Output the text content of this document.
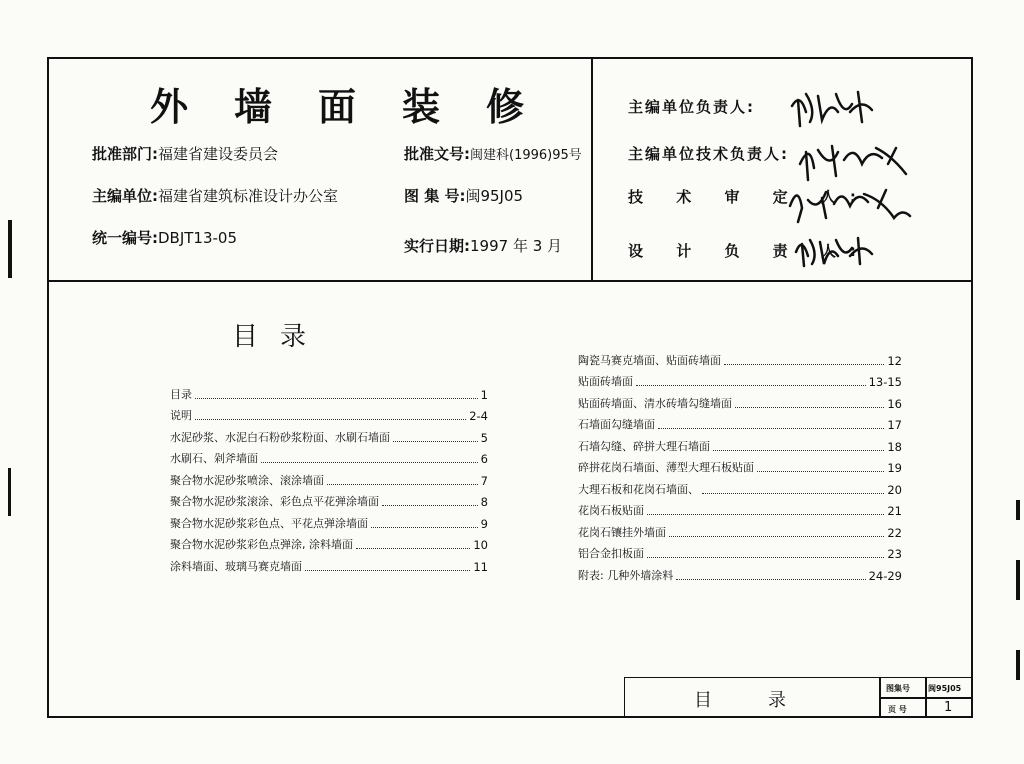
外墙面装修
批准部门:福建省建设委员会	批准文号:闽建科(1996)95号
主编单位:福建省建筑标准设计办公室	图 集 号:闽95J05
统一编号:DBJT13-05	实行日期:1997 年 3 月
主编单位负责人:
主编单位技术负责人:
技 术 审 定 人:
设 计 负 责 人:
目录
目录	1
说明	2-4
水泥砂浆、水泥白石粉砂浆粉面、水刷石墙面	5
水刷石、剁斧墙面	6
聚合物水泥砂浆喷涂、滚涂墙面	7
聚合物水泥砂浆滚涂、彩色点平花弹涂墙面	8
聚合物水泥砂浆彩色点、平花点弹涂墙面	9
聚合物水泥砂浆彩色点弹涂, 涂料墙面	10
涂料墙面、玻璃马赛克墙面	11
陶瓷马赛克墙面、贴面砖墙面	12
贴面砖墙面	13-15
贴面砖墙面、清水砖墙勾缝墙面	16
石墙面勾缝墙面	17
石墙勾缝、碎拼大理石墙面	18
碎拼花岗石墙面、薄型大理石板贴面	19
大理石板和花岗石墙面、	20
花岗石板贴面	21
花岗石镶挂外墙面	22
铝合金扣板面	23
附表: 几种外墙涂料	24-29
目录
图集号 闽95J05
页 号	1
